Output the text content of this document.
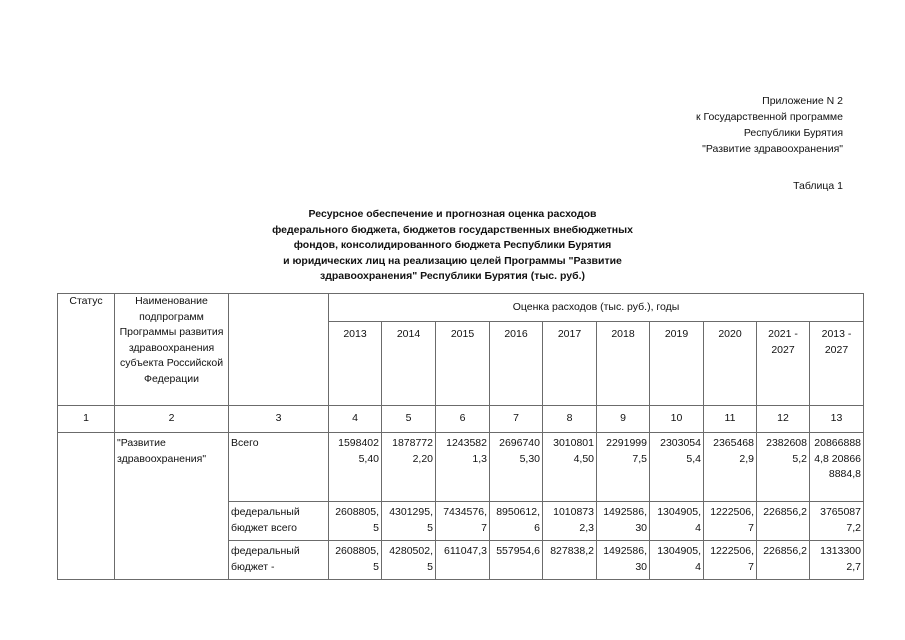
Приложение N 2
к Государственной программе
Республики Бурятия
"Развитие здравоохранения"
Таблица 1
Ресурсное обеспечение и прогнозная оценка расходов
федерального бюджета, бюджетов государственных внебюджетных
фондов, консолидированного бюджета Республики Бурятия
и юридических лиц на реализацию целей Программы "Развитие
здравоохранения" Республики Бурятия (тыс. руб.)
Статус	Наименование подпрограмм Программы развития здравоохранения субъекта Российской Федерации		Оценка расходов (тыс. руб.), годы									
			2013	2014	2015	2016	2017	2018	2019	2020	2021 - 2027	2013 - 2027
1	2	3	4	5	6	7	8	9	10	11	12	13
	"Развитие здравоохранения"	Всего	15984025,40	18787722,20	12435821,3	26967405,30	30108014,50	22919997,5	23030545,4	23654682,9	23826085,2	208668884,8 208668884,8
		федеральный бюджет всего	2608805,5	4301295,5	7434576,7	8950612,6	10108732,3	1492586,30	1304905,4	1222506,7	226856,2	37650877,2
		федеральный бюджет -	2608805,5	4280502,5	611047,3	557954,6	827838,2	1492586,30	1304905,4	1222506,7	226856,2	13133002,7
